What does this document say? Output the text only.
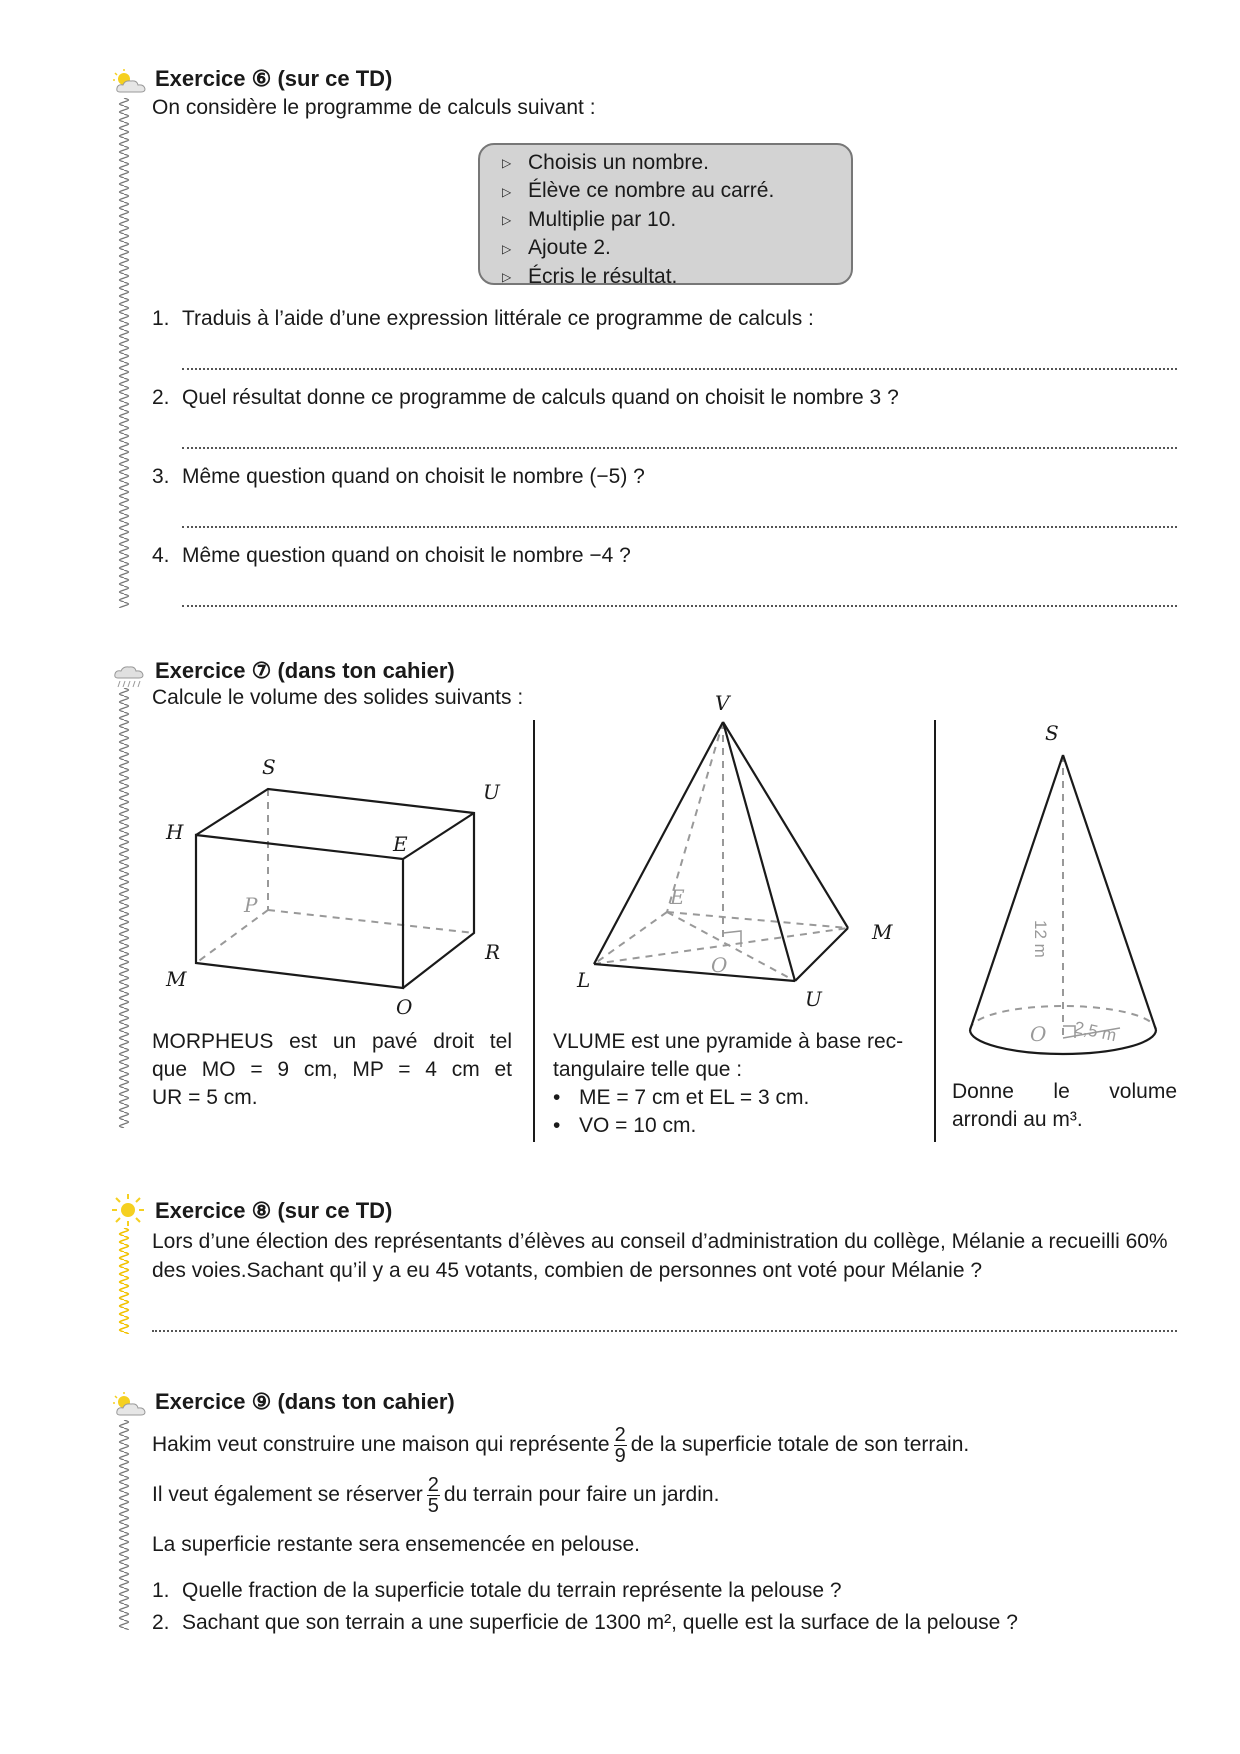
Exercice ⑥ (sur ce TD)
On considère le programme de calculs suivant :
▷ Choisis un nombre.
▷ Élève ce nombre au carré.
▷ Multiplie par 10.
▷ Ajoute 2.
▷ Écris le résultat.
1. Traduis à l’aide d’une expression littérale ce programme de calculs :
2. Quel résultat donne ce programme de calculs quand on choisit le nombre 3 ?
3. Même question quand on choisit le nombre (−5) ?
4. Même question quand on choisit le nombre −4 ?
Exercice ⑦ (dans ton cahier)
Calcule le volume des solides suivants :
S
U
H	E
P
R
M
O
MORPHEUS est un pavé droit tel
que MO = 9 cm, MP = 4 cm et
UR = 5 cm.
V
E
M
O
L
U
VLUME est une pyramide à base rec-
tangulaire telle que :
• ME = 7 cm et EL = 3 cm.
• VO = 10 cm.
S
O
12 m
2,5 m
Donne le volume
arrondi au m³.
Exercice ⑧ (sur ce TD)
Lors d’une élection des représentants d’élèves au conseil d’administration du collège, Mélanie a recueilli 60%
des voies.Sachant qu’il y a eu 45 votants, combien de personnes ont voté pour Mélanie ?
Exercice ⑨ (dans ton cahier)
Hakim veut construire une maison qui représente $\frac{2}{9}$ de la superficie totale de son terrain.
Il veut également se réserver $\frac{2}{5}$ du terrain pour faire un jardin.
La superficie restante sera ensemencée en pelouse.
1. Quelle fraction de la superficie totale du terrain représente la pelouse ?
2. Sachant que son terrain a une superficie de 1300 m², quelle est la surface de la pelouse ?
